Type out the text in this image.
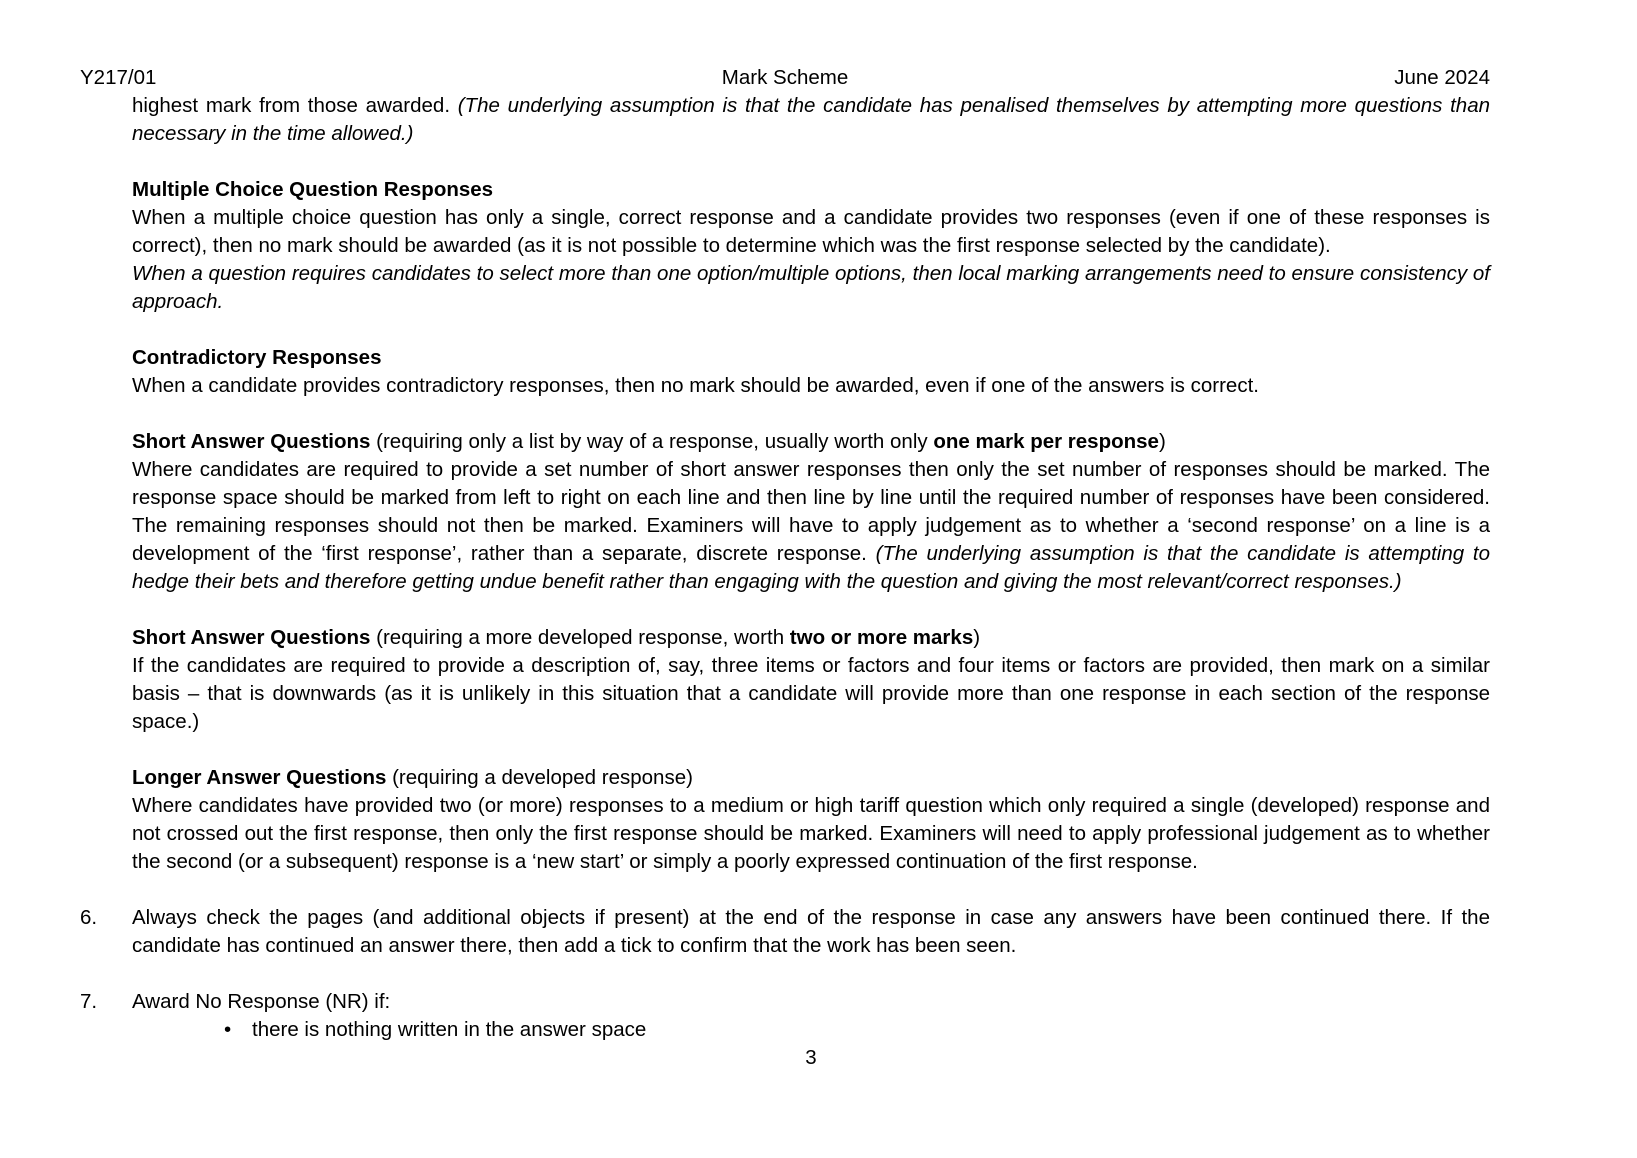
Y217/01	Mark Scheme	June 2024

highest mark from those awarded. (The underlying assumption is that the candidate has penalised themselves by attempting more questions than necessary in the time allowed.)

Multiple Choice Question Responses

When a multiple choice question has only a single, correct response and a candidate provides two responses (even if one of these responses is correct), then no mark should be awarded (as it is not possible to determine which was the first response selected by the candidate).

When a question requires candidates to select more than one option/multiple options, then local marking arrangements need to ensure consistency of approach.

Contradictory Responses

When a candidate provides contradictory responses, then no mark should be awarded, even if one of the answers is correct.

Short Answer Questions (requiring only a list by way of a response, usually worth only one mark per response)

Where candidates are required to provide a set number of short answer responses then only the set number of responses should be marked. The response space should be marked from left to right on each line and then line by line until the required number of responses have been considered. The remaining responses should not then be marked. Examiners will have to apply judgement as to whether a ‘second response’ on a line is a development of the ‘first response’, rather than a separate, discrete response. (The underlying assumption is that the candidate is attempting to hedge their bets and therefore getting undue benefit rather than engaging with the question and giving the most relevant/correct responses.)

Short Answer Questions (requiring a more developed response, worth two or more marks)

If the candidates are required to provide a description of, say, three items or factors and four items or factors are provided, then mark on a similar basis – that is downwards (as it is unlikely in this situation that a candidate will provide more than one response in each section of the response space.)

Longer Answer Questions (requiring a developed response)

Where candidates have provided two (or more) responses to a medium or high tariff question which only required a single (developed) response and not crossed out the first response, then only the first response should be marked. Examiners will need to apply professional judgement as to whether the second (or a subsequent) response is a ‘new start’ or simply a poorly expressed continuation of the first response.

6. Always check the pages (and additional objects if present) at the end of the response in case any answers have been continued there. If the candidate has continued an answer there, then add a tick to confirm that the work has been seen.

7. Award No Response (NR) if:

•	there is nothing written in the answer space
3
